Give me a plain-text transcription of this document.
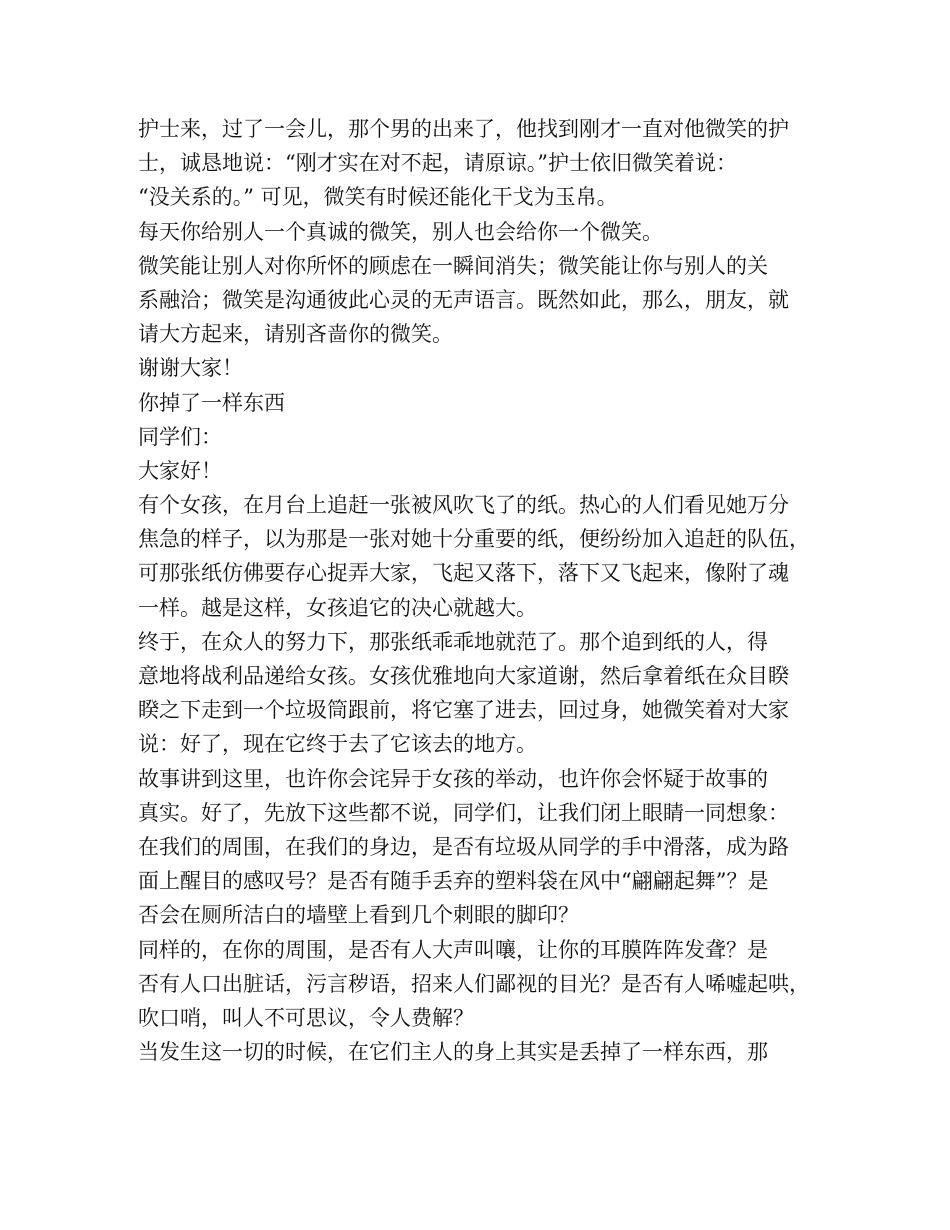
护士来，过了一会儿，那个男的出来了，他找到刚才一直对他微笑的护
士，诚恳地说：“刚才实在对不起，请原谅。”护士依旧微笑着说：
“没关系的。” 可见，微笑有时候还能化干戈为玉帛。
每天你给别人一个真诚的微笑，别人也会给你一个微笑。
微笑能让别人对你所怀的顾虑在一瞬间消失；微笑能让你与别人的关
系融洽；微笑是沟通彼此心灵的无声语言。既然如此，那么，朋友，就
请大方起来，请别吝啬你的微笑。
谢谢大家！
你掉了一样东西
同学们：
大家好！
有个女孩，在月台上追赶一张被风吹飞了的纸。热心的人们看见她万分
焦急的样子，以为那是一张对她十分重要的纸，便纷纷加入追赶的队伍，
可那张纸仿佛要存心捉弄大家，飞起又落下，落下又飞起来，像附了魂
一样。越是这样，女孩追它的决心就越大。
终于，在众人的努力下，那张纸乖乖地就范了。那个追到纸的人，得
意地将战利品递给女孩。女孩优雅地向大家道谢，然后拿着纸在众目睽
睽之下走到一个垃圾筒跟前，将它塞了进去，回过身，她微笑着对大家
说：好了，现在它终于去了它该去的地方。
故事讲到这里，也许你会诧异于女孩的举动，也许你会怀疑于故事的
真实。好了，先放下这些都不说，同学们，让我们闭上眼睛一同想象：
在我们的周围，在我们的身边，是否有垃圾从同学的手中滑落，成为路
面上醒目的感叹号？是否有随手丢弃的塑料袋在风中“翩翩起舞”？是
否会在厕所洁白的墙壁上看到几个刺眼的脚印？
同样的，在你的周围，是否有人大声叫嚷，让你的耳膜阵阵发聋？是
否有人口出脏话，污言秽语，招来人们鄙视的目光？是否有人唏嘘起哄，
吹口哨，叫人不可思议，令人费解？
当发生这一切的时候，在它们主人的身上其实是丢掉了一样东西，那
